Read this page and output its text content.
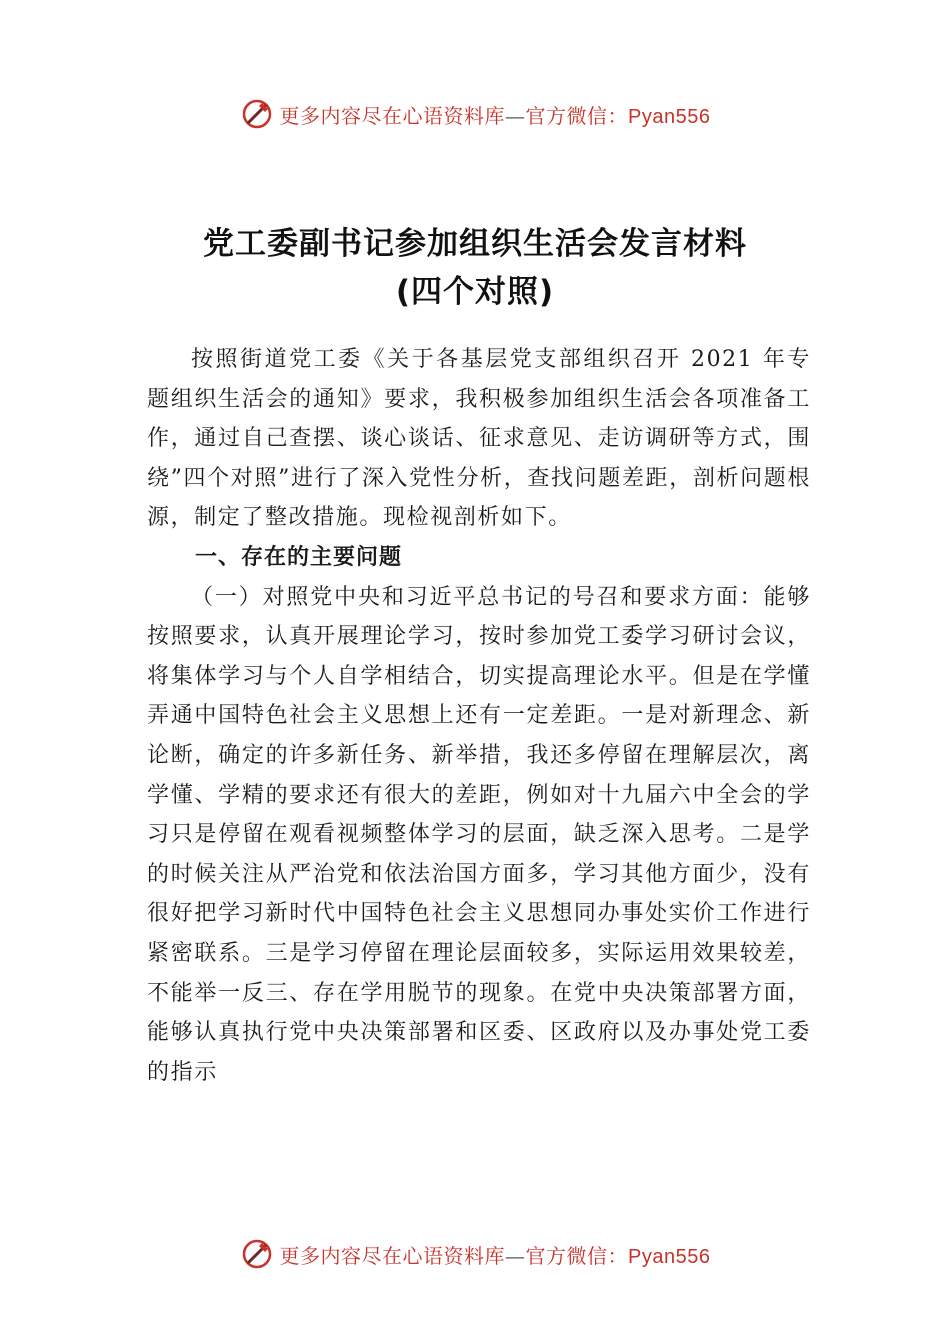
更多内容尽在心语资料库—官方微信：Pyan556
党工委副书记参加组织生活会发言材料
(四个对照)

按照街道党工委《关于各基层党支部组织召开 2021 年专题组织生活会的通知》要求，我积极参加组织生活会各项准备工作，通过自己查摆、谈心谈话、征求意见、走访调研等方式，围绕”四个对照”进行了深入党性分析，查找问题差距，剖析问题根源，制定了整改措施。现检视剖析如下。

一、存在的主要问题

（一）对照党中央和习近平总书记的号召和要求方面：能够按照要求，认真开展理论学习，按时参加党工委学习研讨会议，将集体学习与个人自学相结合，切实提高理论水平。但是在学懂弄通中国特色社会主义思想上还有一定差距。一是对新理念、新论断，确定的许多新任务、新举措，我还多停留在理解层次，离学懂、学精的要求还有很大的差距，例如对十九届六中全会的学习只是停留在观看视频整体学习的层面，缺乏深入思考。二是学的时候关注从严治党和依法治国方面多，学习其他方面少，没有很好把学习新时代中国特色社会主义思想同办事处实价工作进行紧密联系。三是学习停留在理论层面较多，实际运用效果较差，不能举一反三、存在学用脱节的现象。在党中央决策部署方面，能够认真执行党中央决策部署和区委、区政府以及办事处党工委的指示

更多内容尽在心语资料库—官方微信：Pyan556
